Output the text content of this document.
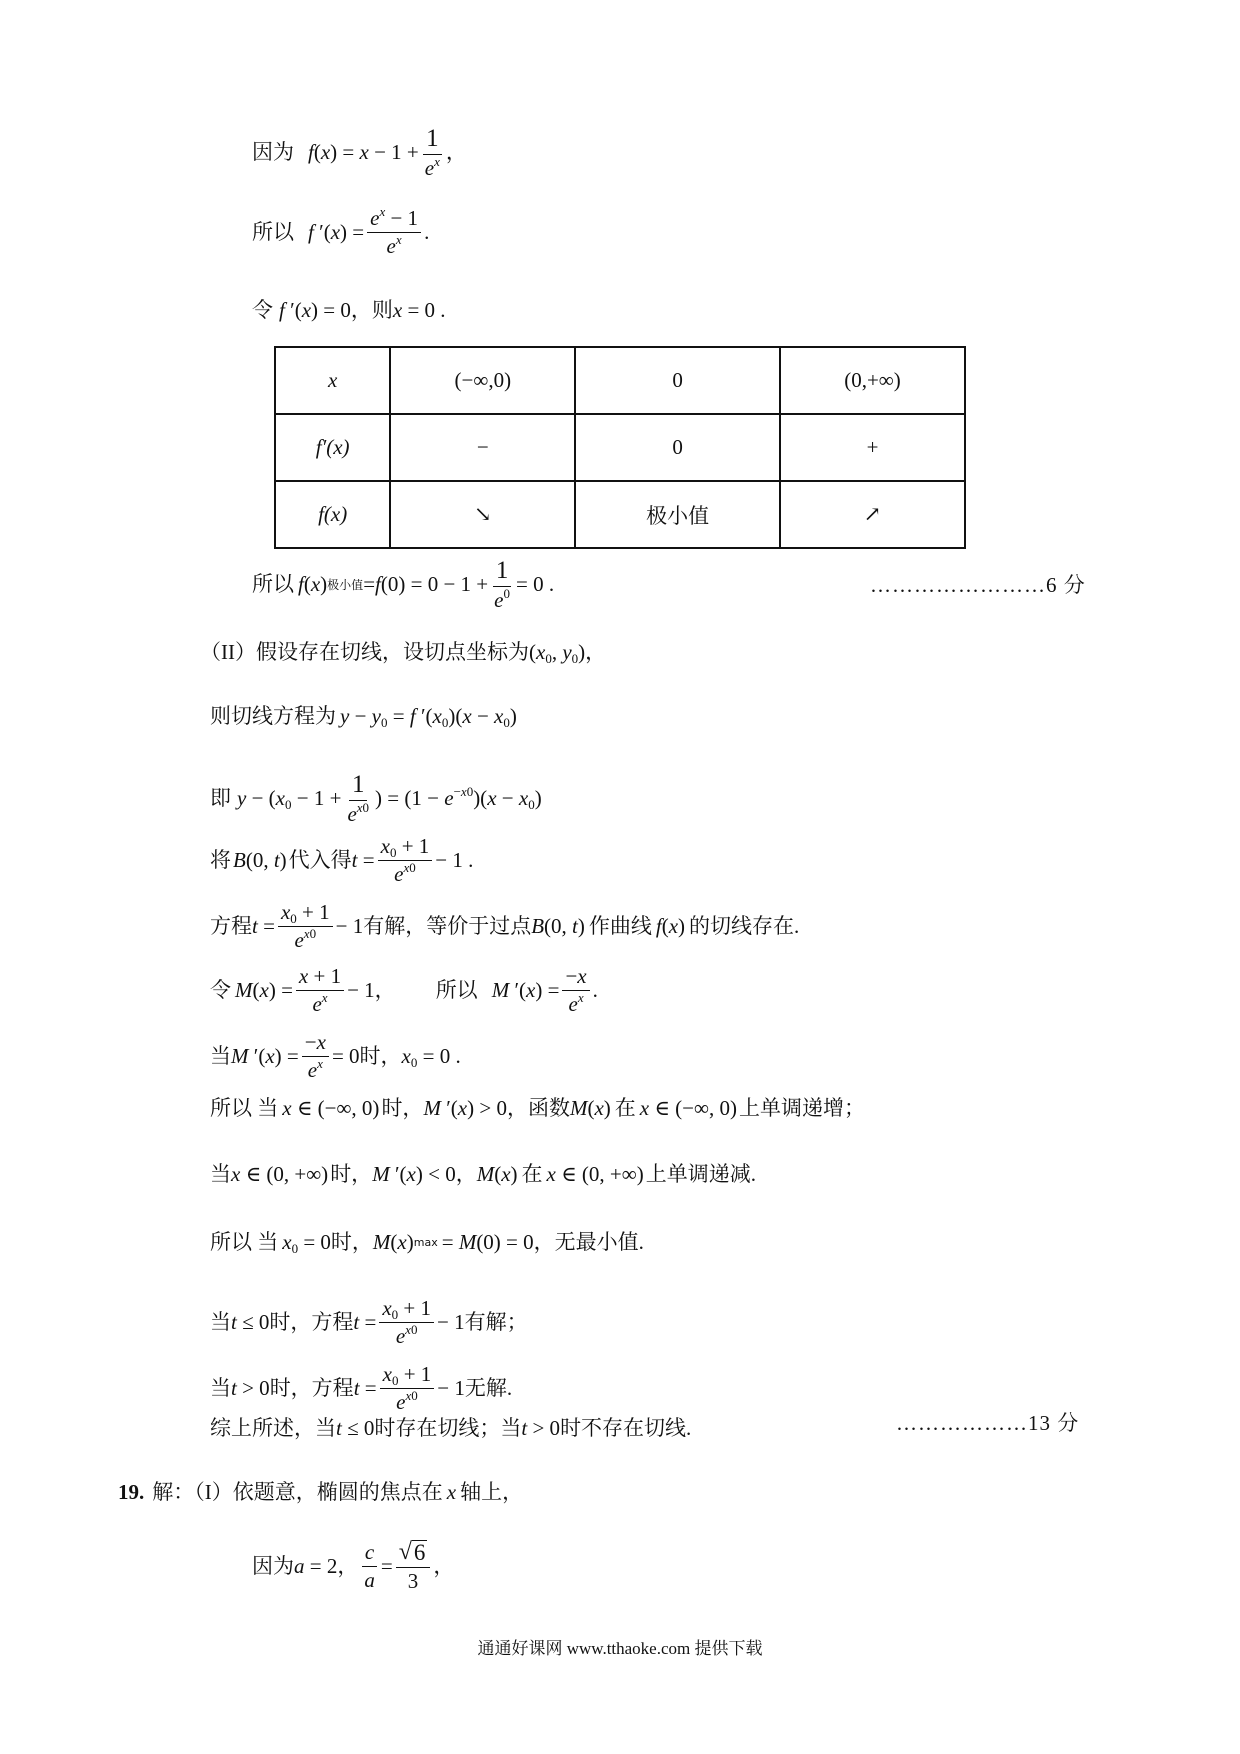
因为 $f(x) = x - 1 + \frac{1}{e^x}$ ，
所以 f $'(x) = \frac{e^x - 1}{e^x}$ .
令 f ′(x) = 0 ，则 x = 0 .
x	(−∞,0)	0	(0,+∞)
f′(x)	−	0	+
f(x)	↘	极小值	↗
所以 f(x) 极小值 $=f(0) = 0 - 1 + \frac{1}{e^0} = 0$ .	……………………6 分
（II）假设存在切线，设切点坐标为 ($x_0$, $y_0$)，
则切线方程为 $y - y_0 = f$ $'(x_0)(x - x_0)$
即 $y - (x_0 - 1 + \frac{1}{e^{x0}}$ ) = $(1 - e^{-x0})(x - x_0)$
将 B(0, t) 代入得 $t = \frac{x_0 + 1}{e^{x0}} - 1$ .
方程 $t = \frac{x_0 + 1}{e^{x0}} - 1$ 有解，等价于过点 B(0, t) 作曲线 f(x) 的切线存在.
令 $M(x) = \frac{x + 1}{e^x} - 1$， 所以 M $'(x) = \frac{-x}{e^x}$ .
当 M $'(x) = \frac{-x}{e^x} = 0$ 时， $x_0 = 0$ .
所以 当 x ∈ (−∞, 0) 时， M ′(x) > 0 ，函数 M(x) 在 x ∈ (−∞, 0) 上单调递增；
当 x ∈ (0, +∞) 时， M ′(x) < 0 ， M(x) 在 x ∈ (0, +∞) 上单调递减.
所以 当 $x_0 = 0$ 时， M(x) max = M(0) = 0 ，无最小值.
当 t ≤ 0 时，方程 $t = \frac{x_0 + 1}{e^{x0}} - 1$ 有解；
当 t > 0 时，方程 $t = \frac{x_0 + 1}{e^{x0}} - 1$ 无解.
综上所述，当 t ≤ 0 时存在切线；当 t > 0 时不存在切线.	………………13 分
19. 解：（I）依题意，椭圆的焦点在 x 轴上，
因为 a = 2 ， $\frac{c}{a} = \frac{√ 6}{3}$ ，
通通好课网 www.tthaoke.com 提供下载
